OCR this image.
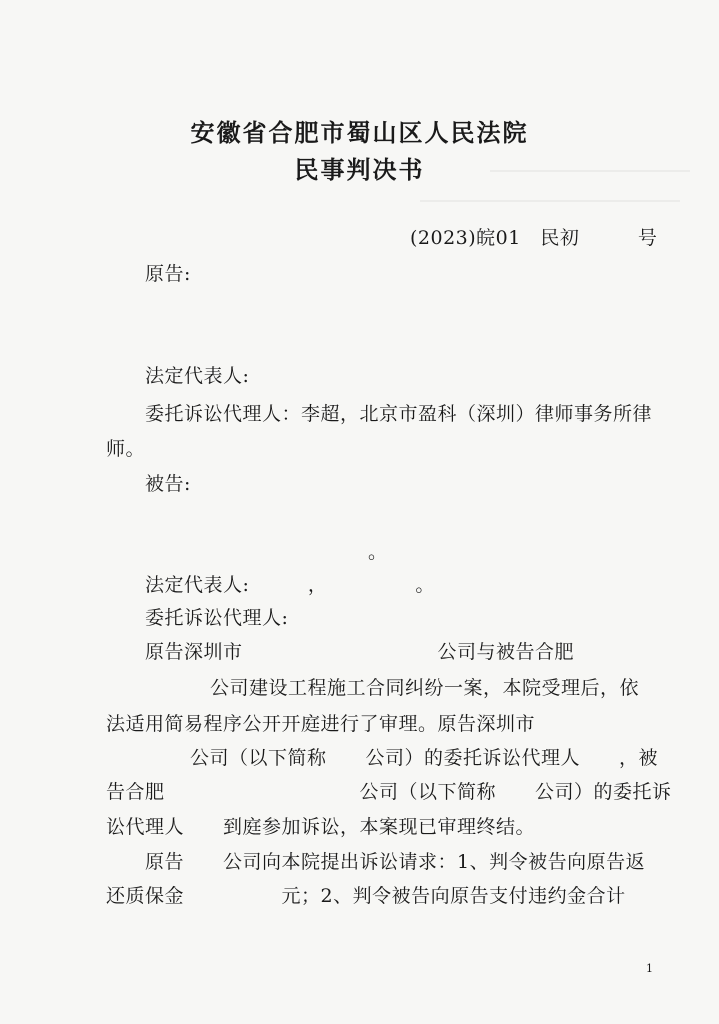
安徽省合肥市蜀山区人民法院
民事判决书
(2023)皖01　民初　　　号
原告:
法定代表人:
委托诉讼代理人：李超，北京市盈科（深圳）律师事务所律
师。
被告:
。
法定代表人:　　　，　　　　　。
委托诉讼代理人:
原告深圳市　　　　　　　　　　公司与被告合肥
公司建设工程施工合同纠纷一案，本院受理后，依
法适用简易程序公开开庭进行了审理。原告深圳市
公司（以下简称　　公司）的委托诉讼代理人　　，被
告合肥　　　　　　　　　　公司（以下简称　　公司）的委托诉
讼代理人　　到庭参加诉讼，本案现已审理终结。
原告　　公司向本院提出诉讼请求：1、判令被告向原告返
还质保金　　　　　元；2、判令被告向原告支付违约金合计
1
